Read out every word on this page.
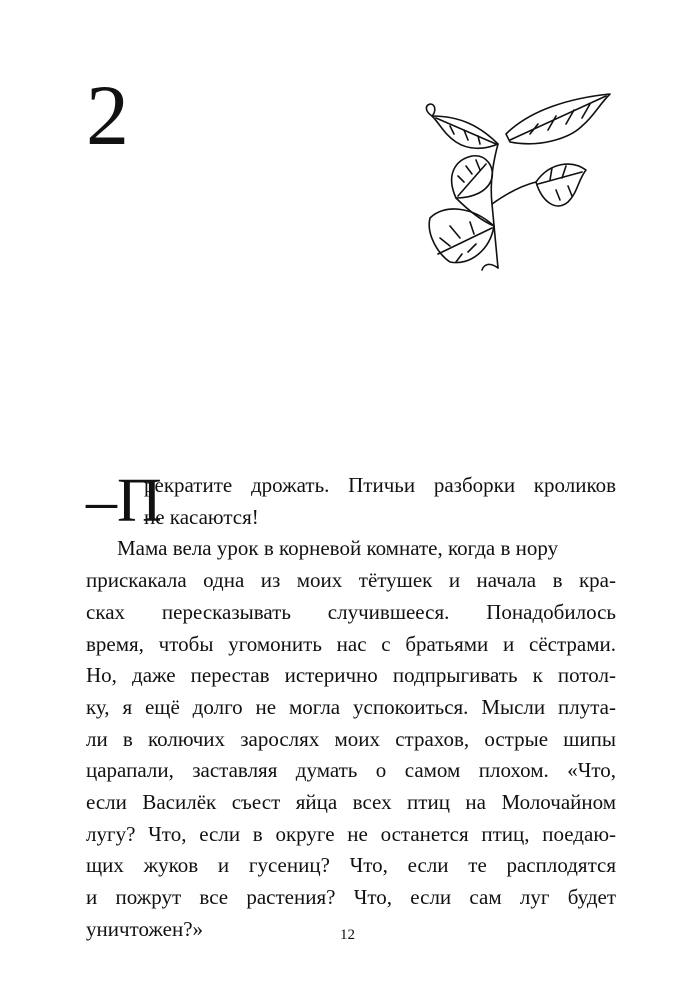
2
–П
рекратите дрожать. Птичьи разборки кроликов
не касаются!
Мама вела урок в корневой комнате, когда в нору
прискакала одна из моих тётушек и начала в кра-
сках пересказывать случившееся. Понадобилось
время, чтобы угомонить нас с братьями и сёстрами.
Но, даже перестав истерично подпрыгивать к потол-
ку, я ещё долго не могла успокоиться. Мысли плута-
ли в колючих зарослях моих страхов, острые шипы
царапали, заставляя думать о самом плохом. «Что,
если Василёк съест яйца всех птиц на Молочайном
лугу? Что, если в округе не останется птиц, поедаю-
щих жуков и гусениц? Что, если те расплодятся
и пожрут все растения? Что, если сам луг будет
уничтожен?»	12
